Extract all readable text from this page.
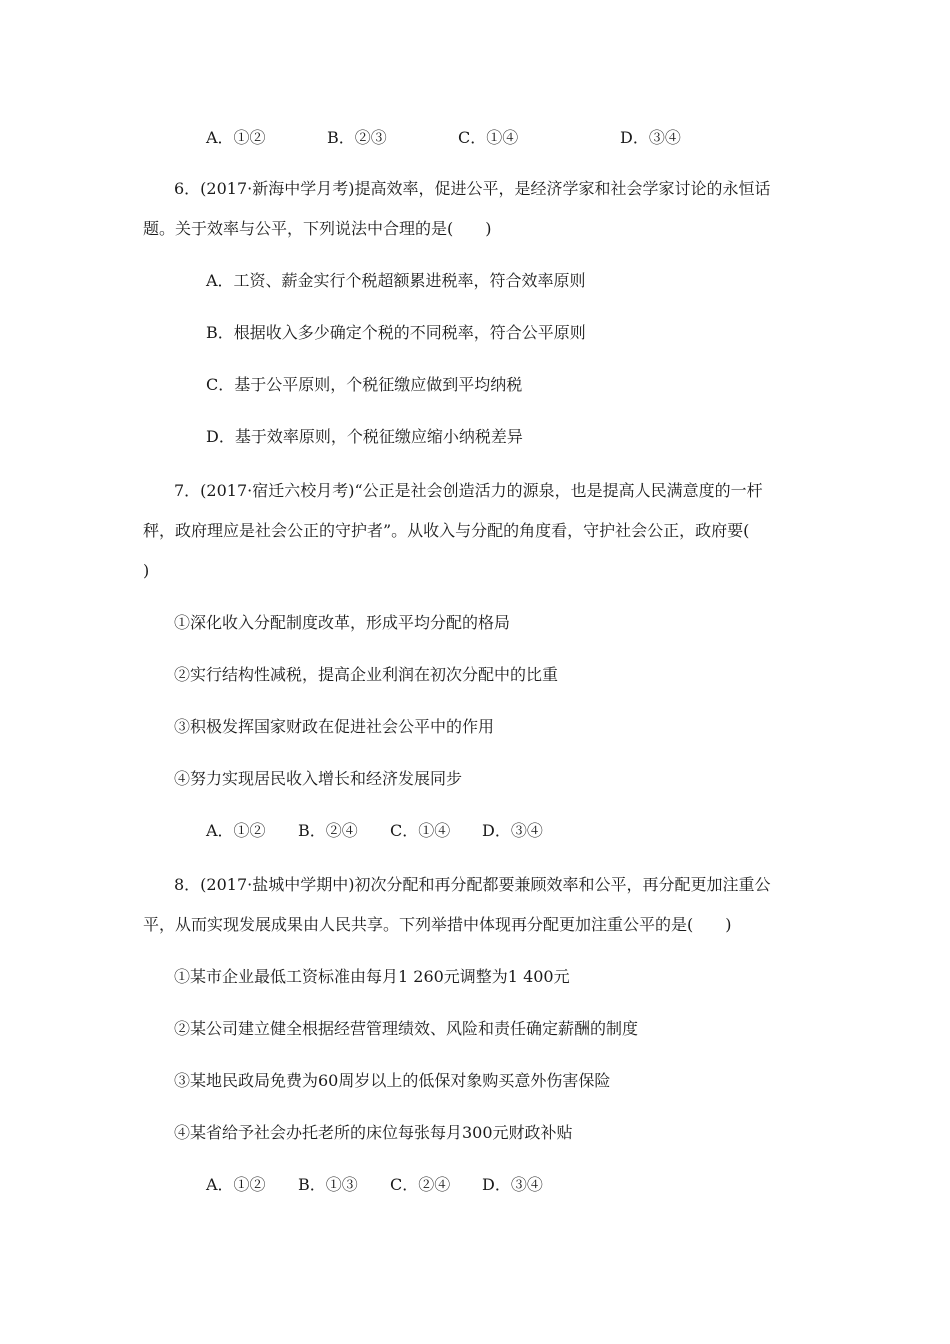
A．①②	B．②③	C．①④	D．③④
6．(2017·新海中学月考)提高效率，促进公平，是经济学家和社会学家讨论的永恒话
题。关于效率与公平，下列说法中合理的是(　　)
A．工资、薪金实行个税超额累进税率，符合效率原则
B．根据收入多少确定个税的不同税率，符合公平原则
C．基于公平原则，个税征缴应做到平均纳税
D．基于效率原则，个税征缴应缩小纳税差异
7．(2017·宿迁六校月考)“公正是社会创造活力的源泉，也是提高人民满意度的一杆
秤，政府理应是社会公正的守护者”。从收入与分配的角度看，守护社会公正，政府要(
)
①深化收入分配制度改革，形成平均分配的格局
②实行结构性减税，提高企业利润在初次分配中的比重
③积极发挥国家财政在促进社会公平中的作用
④努力实现居民收入增长和经济发展同步
A．①② B．②④ C．①④ D．③④
8．(2017·盐城中学期中)初次分配和再分配都要兼顾效率和公平，再分配更加注重公
平，从而实现发展成果由人民共享。下列举措中体现再分配更加注重公平的是(　　)
①某市企业最低工资标准由每月1 260元调整为1 400元
②某公司建立健全根据经营管理绩效、风险和责任确定薪酬的制度
③某地民政局免费为60周岁以上的低保对象购买意外伤害保险
④某省给予社会办托老所的床位每张每月300元财政补贴
A．①② B．①③ C．②④ D．③④
